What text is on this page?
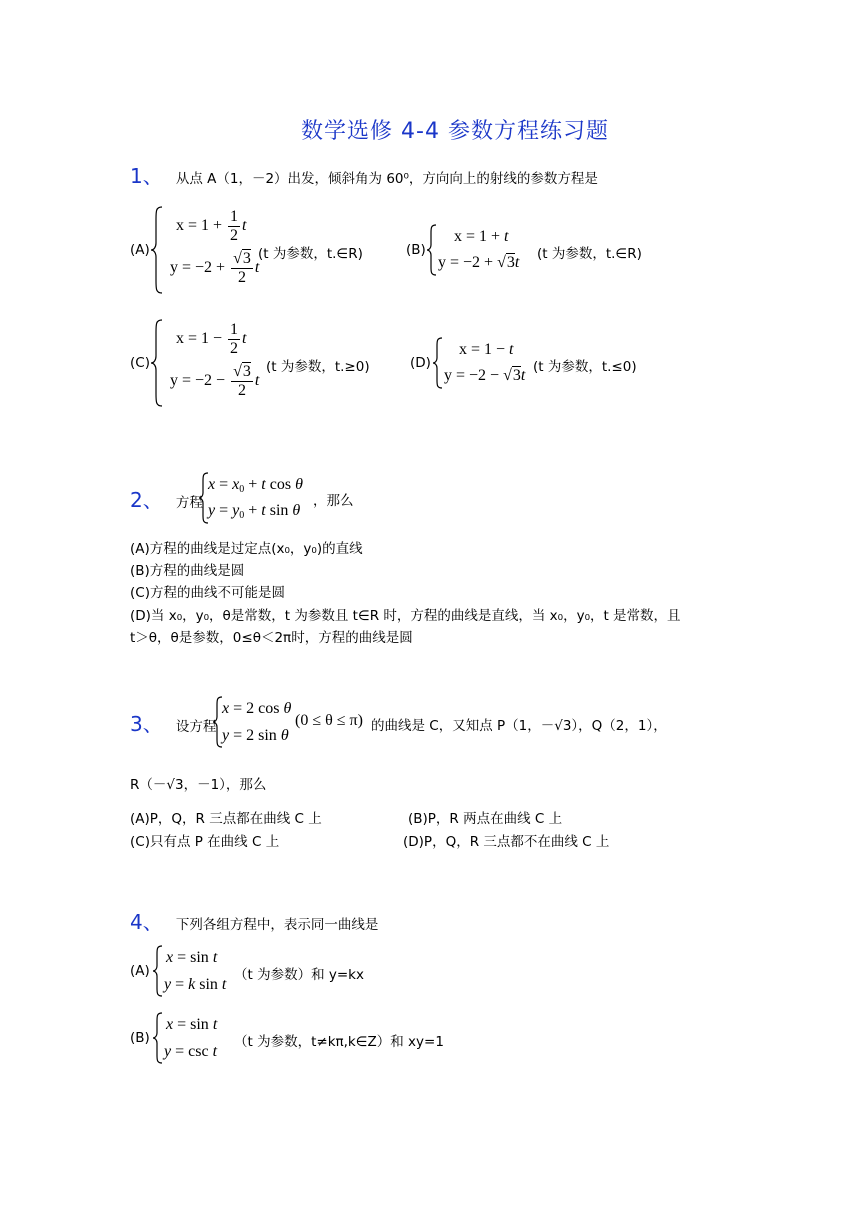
数学选修 4-4 参数方程练习题
1、 从点 A（1，－2）出发，倾斜角为 60⁰，方向向上的射线的参数方程是
(A)
$x = 1 + \frac{1}{2}$ t
$y = -2 + \frac{√3}{2}$ t
(t 为参数，t.∈R)	(B)
x = 1 + t
y = −2 + √3t (t 为参数，t.∈R)
(C)
$x = 1 - \frac{1}{2}$ t
$y = -2 - \frac{√3}{2}$ t
(t 为参数，t.≥0)	(D)
x = 1 − t
y = −2 − √3t (t 为参数，t.≤0)
2、 方程
$x = x_0 + t$ cos θ
$y = y_0 + t$ sin θ
，那么
(A)方程的曲线是过定点(x₀，y₀)的直线
(B)方程的曲线是圆
(C)方程的曲线不可能是圆
(D)当 x₀，y₀，θ是常数，t 为参数且 t∈R 时，方程的曲线是直线，当 x₀，y₀，t 是常数，且
t＞θ，θ是参数，0≤θ＜2π时，方程的曲线是圆
3、 设方程
x = 2 cos θ
y = 2 sin θ
(0 ≤ θ ≤ π) 的曲线是 C，又知点 P（1，－√3），Q（2，1），
R（－√3，－1），那么
(A)P，Q，R 三点都在曲线 C 上	(B)P，R 两点在曲线 C 上
(C)只有点 P 在曲线 C 上	(D)P，Q，R 三点都不在曲线 C 上
4、 下列各组方程中，表示同一曲线是
(A)
x = sin t
y = k sin t
（t 为参数）和 y=kx
(B)
x = sin t
y = csc t
（t 为参数，t≠kπ,k∈Z）和 xy=1
